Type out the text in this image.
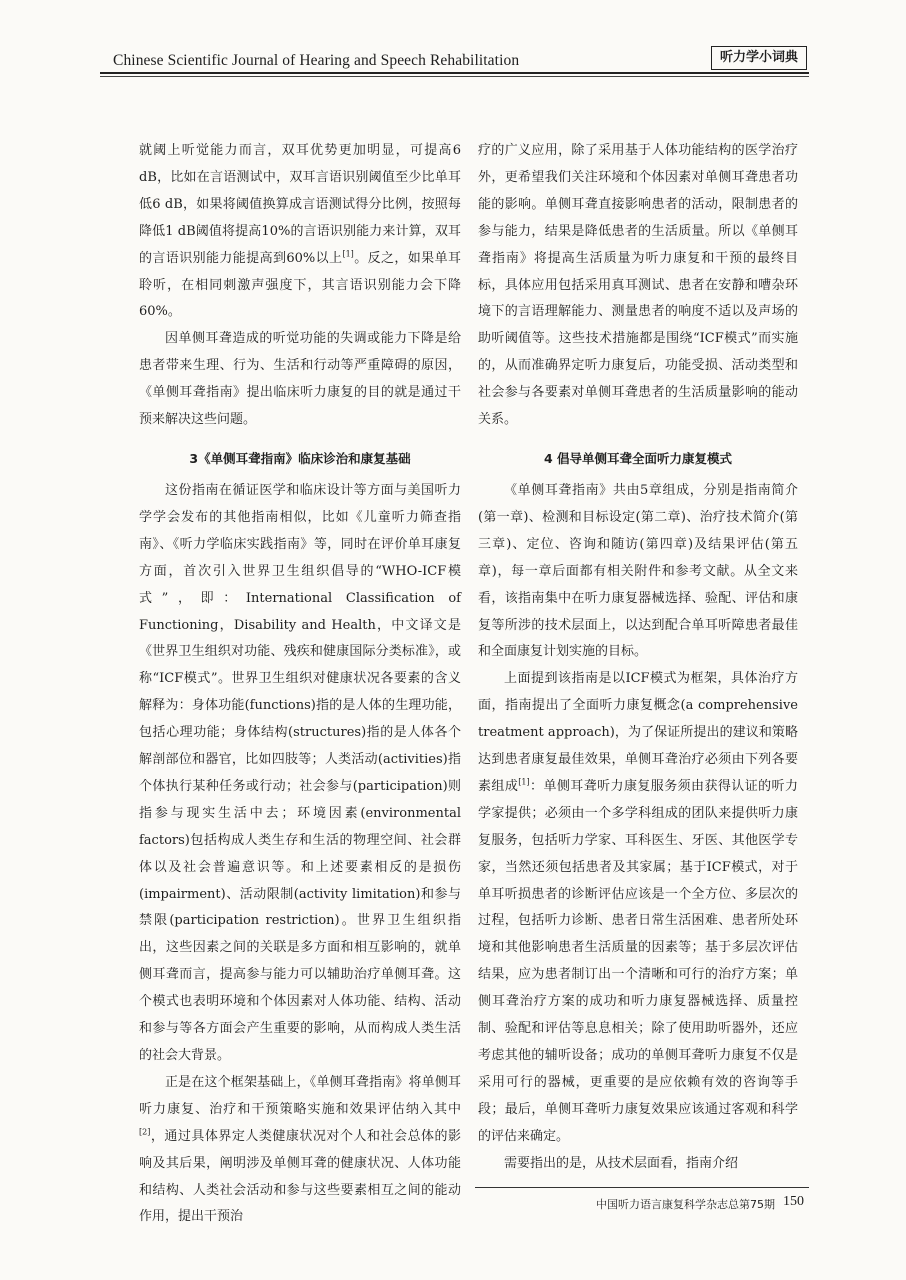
Chinese Scientific Journal of Hearing and Speech Rehabilitation	听力学小词典

就阈上听觉能力而言，双耳优势更加明显，可提高6 dB，比如在言语测试中，双耳言语识别阈值至少比单耳低6 dB，如果将阈值换算成言语测试得分比例，按照每降低1 dB阈值将提高10%的言语识别能力来计算，双耳的言语识别能力能提高到60%以上[1]。反之，如果单耳聆听，在相同刺激声强度下，其言语识别能力会下降60%。

因单侧耳聋造成的听觉功能的失调或能力下降是给患者带来生理、行为、生活和行动等严重障碍的原因，《单侧耳聋指南》提出临床听力康复的目的就是通过干预来解决这些问题。

3《单侧耳聋指南》临床诊治和康复基础

这份指南在循证医学和临床设计等方面与美国听力学学会发布的其他指南相似，比如《儿童听力筛查指南》、《听力学临床实践指南》等，同时在评价单耳康复方面，首次引入世界卫生组织倡导的“WHO-ICF模式”，即：International Classification of Functioning，Disability and Health，中文译文是《世界卫生组织对功能、残疾和健康国际分类标准》，或称“ICF模式”。世界卫生组织对健康状况各要素的含义解释为：身体功能(functions)指的是人体的生理功能，包括心理功能；身体结构(structures)指的是人体各个解剖部位和器官，比如四肢等；人类活动(activities)指个体执行某种任务或行动；社会参与(participation)则指参与现实生活中去；环境因素(environmental factors)包括构成人类生存和生活的物理空间、社会群体以及社会普遍意识等。和上述要素相反的是损伤(impairment)、活动限制(activity limitation)和参与禁限(participation restriction)。世界卫生组织指出，这些因素之间的关联是多方面和相互影响的，就单侧耳聋而言，提高参与能力可以辅助治疗单侧耳聋。这个模式也表明环境和个体因素对人体功能、结构、活动和参与等各方面会产生重要的影响，从而构成人类生活的社会大背景。

正是在这个框架基础上，《单侧耳聋指南》将单侧耳听力康复、治疗和干预策略实施和效果评估纳入其中[2]，通过具体界定人类健康状况对个人和社会总体的影响及其后果，阐明涉及单侧耳聋的健康状况、人体功能和结构、人类社会活动和参与这些要素相互之间的能动作用，提出干预治

疗的广义应用，除了采用基于人体功能结构的医学治疗外，更希望我们关注环境和个体因素对单侧耳聋患者功能的影响。单侧耳聋直接影响患者的活动，限制患者的参与能力，结果是降低患者的生活质量。所以《单侧耳聋指南》将提高生活质量为听力康复和干预的最终目标，具体应用包括采用真耳测试、患者在安静和嘈杂环境下的言语理解能力、测量患者的响度不适以及声场的助听阈值等。这些技术措施都是围绕“ICF模式”而实施的，从而准确界定听力康复后，功能受损、活动类型和社会参与各要素对单侧耳聋患者的生活质量影响的能动关系。

4 倡导单侧耳聋全面听力康复模式

《单侧耳聋指南》共由5章组成，分别是指南简介(第一章)、检测和目标设定(第二章)、治疗技术简介(第三章)、定位、咨询和随访(第四章)及结果评估(第五章)，每一章后面都有相关附件和参考文献。从全文来看，该指南集中在听力康复器械选择、验配、评估和康复等所涉的技术层面上，以达到配合单耳听障患者最佳和全面康复计划实施的目标。

上面提到该指南是以ICF模式为框架，具体治疗方面，指南提出了全面听力康复概念(a comprehensive treatment approach)，为了保证所提出的建议和策略达到患者康复最佳效果，单侧耳聋治疗必须由下列各要素组成[1]：单侧耳聋听力康复服务须由获得认证的听力学家提供；必须由一个多学科组成的团队来提供听力康复服务，包括听力学家、耳科医生、牙医、其他医学专家，当然还须包括患者及其家属；基于ICF模式，对于单耳听损患者的诊断评估应该是一个全方位、多层次的过程，包括听力诊断、患者日常生活困难、患者所处环境和其他影响患者生活质量的因素等；基于多层次评估结果，应为患者制订出一个清晰和可行的治疗方案；单侧耳聋治疗方案的成功和听力康复器械选择、质量控制、验配和评估等息息相关；除了使用助听器外，还应考虑其他的辅听设备；成功的单侧耳聋听力康复不仅是采用可行的器械，更重要的是应依赖有效的咨询等手段；最后，单侧耳聋听力康复效果应该通过客观和科学的评估来确定。

需要指出的是，从技术层面看，指南介绍

中国听力语言康复科学杂志总第75期 150
